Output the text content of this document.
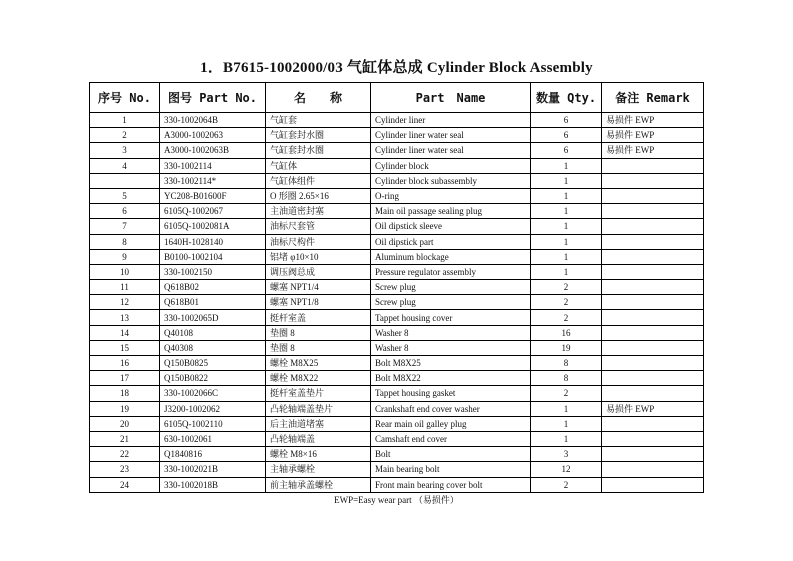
1．B7615-1002000/03 气缸体总成 Cylinder Block Assembly
序号 No.	图号 Part No.	名　　称	Part　Name	数量 Qty.	备注 Remark
1	330-1002064B	气缸套	Cylinder liner	6	易损件 EWP
2	A3000-1002063	气缸套封水圈	Cylinder liner water seal	6	易损件 EWP
3	A3000-1002063B	气缸套封水圈	Cylinder liner water seal	6	易损件 EWP
4	330-1002114	气缸体	Cylinder block	1	
	330-1002114*	气缸体组件	Cylinder block subassembly	1	
5	YC208-B01600F	O 形圈 2.65×16	O-ring	1	
6	6105Q-1002067	主油道密封塞	Main oil passage sealing plug	1	
7	6105Q-1002081A	油标尺套管	Oil dipstick sleeve	1	
8	1640H-1028140	油标尺构件	Oil dipstick part	1	
9	B0100-1002104	铝堵 φ10×10	Aluminum blockage	1	
10	330-1002150	调压阀总成	Pressure regulator assembly	1	
11	Q618B02	螺塞 NPT1/4	Screw plug	2	
12	Q618B01	螺塞 NPT1/8	Screw plug	2	
13	330-1002065D	挺杆室盖	Tappet housing cover	2	
14	Q40108	垫圈 8	Washer 8	16	
15	Q40308	垫圈 8	Washer 8	19	
16	Q150B0825	螺栓 M8X25	Bolt M8X25	8	
17	Q150B0822	螺栓 M8X22	Bolt M8X22	8	
18	330-1002066C	挺杆室盖垫片	Tappet housing gasket	2	
19	J3200-1002062	凸轮轴端盖垫片	Crankshaft end cover washer	1	易损件 EWP
20	6105Q-1002110	后主油道堵塞	Rear main oil galley plug	1	
21	630-1002061	凸轮轴端盖	Camshaft end cover	1	
22	Q1840816	螺栓 M8×16	Bolt	3	
23	330-1002021B	主轴承螺栓	Main bearing bolt	12	
24	330-1002018B	前主轴承盖螺栓	Front main bearing cover bolt	2	
EWP=Easy wear part （易损件）
